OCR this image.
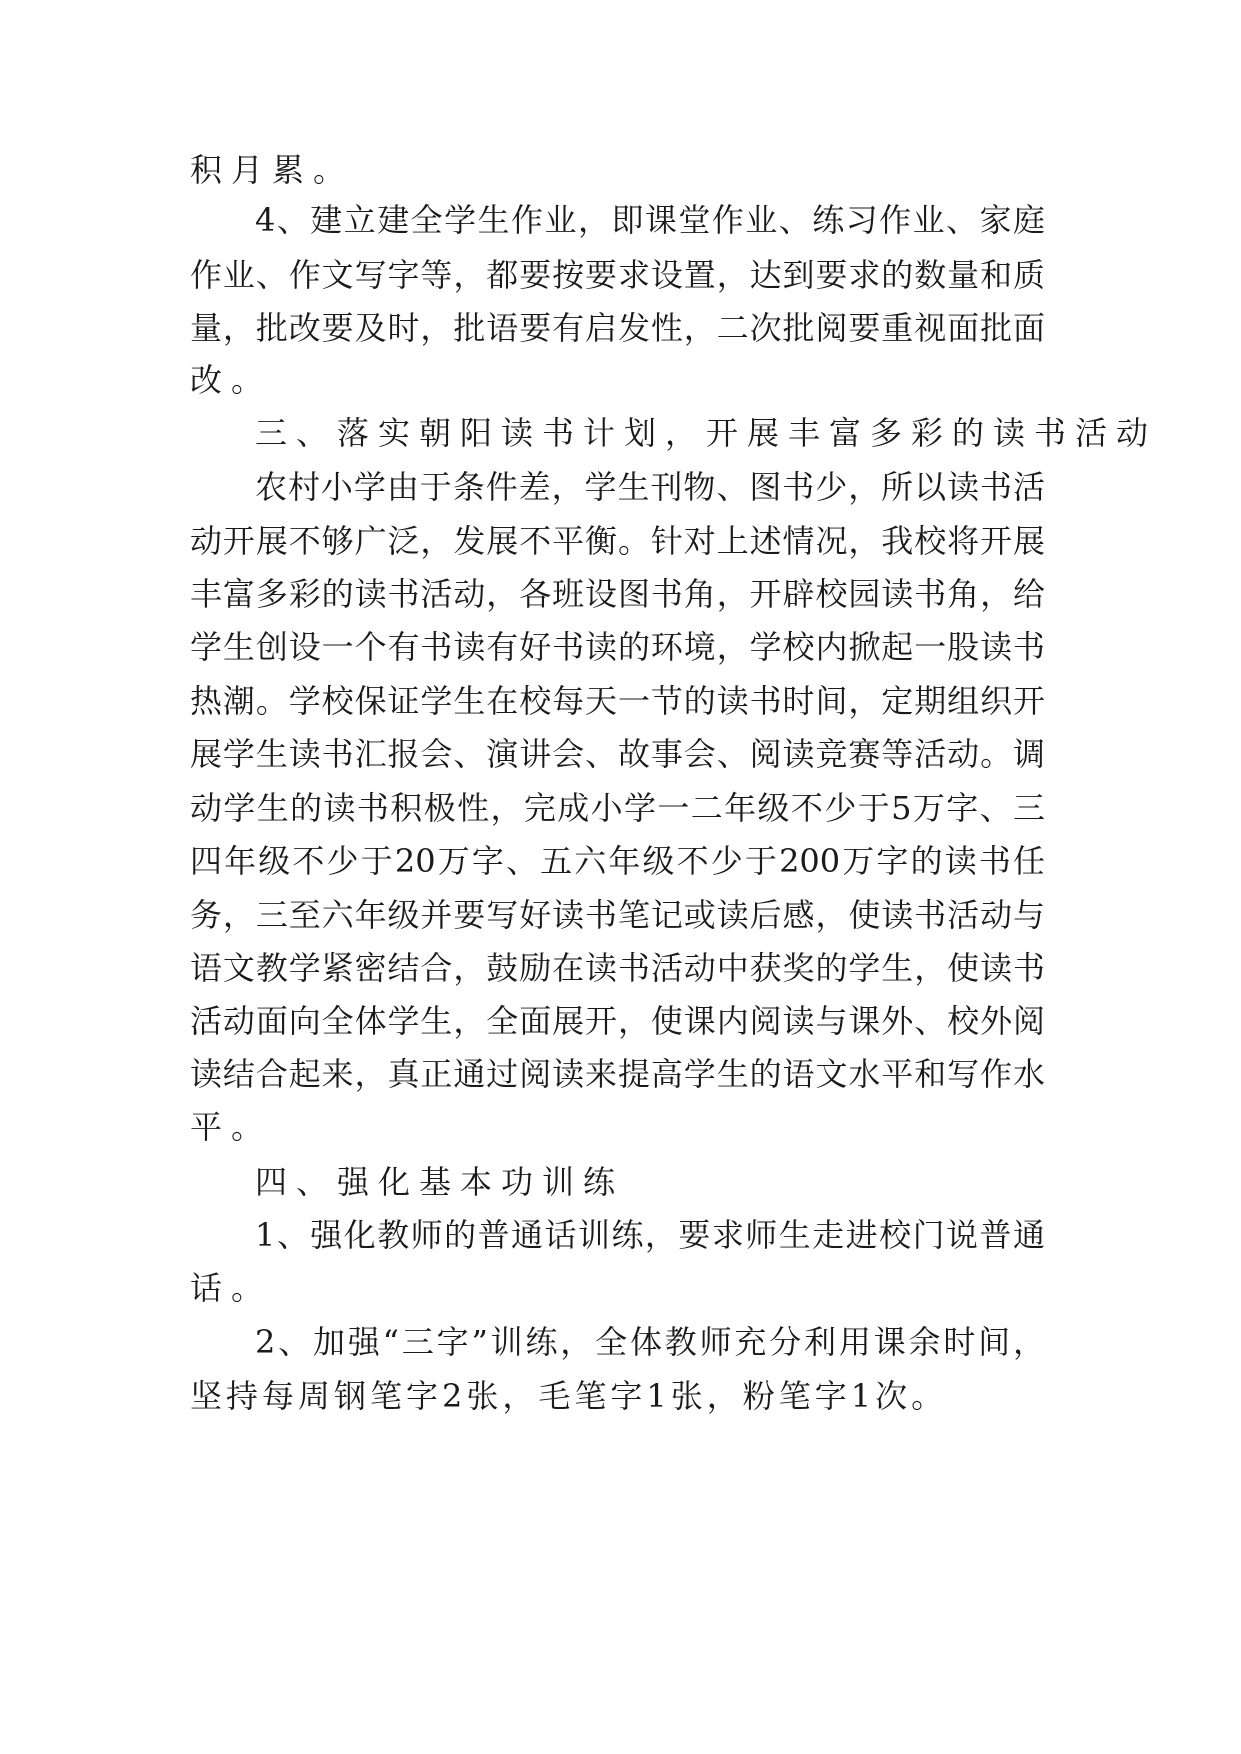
积月累。

4、建立建全学生作业，即课堂作业、练习作业、家庭

作业、作文写字等，都要按要求设置，达到要求的数量和质

量，批改要及时，批语要有启发性，二次批阅要重视面批面

改。

三、落实朝阳读书计划，开展丰富多彩的读书活动

农村小学由于条件差，学生刊物、图书少，所以读书活

动开展不够广泛，发展不平衡。针对上述情况，我校将开展

丰富多彩的读书活动，各班设图书角，开辟校园读书角，给

学生创设一个有书读有好书读的环境，学校内掀起一股读书

热潮。学校保证学生在校每天一节的读书时间，定期组织开

展学生读书汇报会、演讲会、故事会、阅读竞赛等活动。调

动学生的读书积极性，完成小学一二年级不少于5万字、三

四年级不少于20万字、五六年级不少于200万字的读书任

务，三至六年级并要写好读书笔记或读后感，使读书活动与

语文教学紧密结合，鼓励在读书活动中获奖的学生，使读书

活动面向全体学生，全面展开，使课内阅读与课外、校外阅

读结合起来，真正通过阅读来提高学生的语文水平和写作水

平。

四、强化基本功训练

1、强化教师的普通话训练，要求师生走进校门说普通

话。

2、加强“三字”训练，全体教师充分利用课余时间，

坚持每周钢笔字2张，毛笔字1张，粉笔字1次。
